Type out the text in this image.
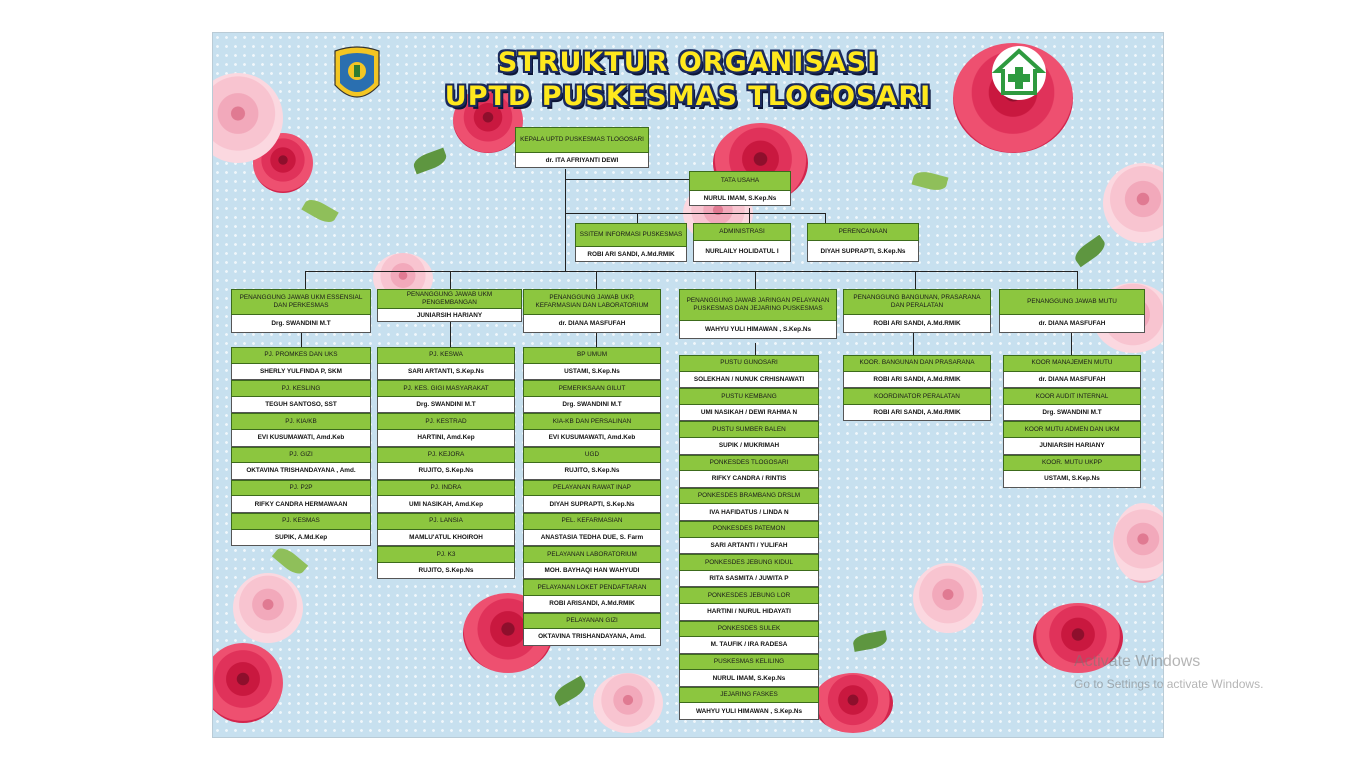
STRUKTUR ORGANISASI
UPTD PUSKESMAS TLOGOSARI
KEPALA UPTD PUSKESMAS TLOGOSARI
dr. ITA AFRIYANTI DEWI
TATA USAHA
NURUL IMAM, S.Kep.Ns
SSITEM INFORMASI PUSKESMAS
ROBI ARI SANDI, A.Md.RMIK
ADMINISTRASI
NURLAILY HOLIDATUL I
PERENCANAAN
DIYAH SUPRAPTI, S.Kep.Ns
PENANGGUNG JAWAB UKM ESSENSIAL DAN PERKESMAS
Drg. SWANDINI M.T
PENANGGUNG JAWAB UKM PENGEMBANGAN
JUNIARSIH HARIANY
PENANGGUNG JAWAB UKP, KEFARMASIAN DAN LABORATORIUM
dr. DIANA MASFUFAH
PENANGGUNG JAWAB JARINGAN PELAYANAN PUSKESMAS DAN JEJARING PUSKESMAS
WAHYU YULI HIMAWAN , S.Kep.Ns
PENANGGUNG BANGUNAN, PRASARANA DAN PERALATAN
ROBI ARI SANDI, A.Md.RMIK
PENANGGUNG JAWAB MUTU
dr. DIANA MASFUFAH
PJ. PROMKES DAN UKS
SHERLY YULFINDA P, SKM
PJ. KESLING
TEGUH SANTOSO, SST
PJ. KIA/KB
EVI KUSUMAWATI, Amd.Keb
PJ. GIZI
OKTAVINA TRISHANDAYANA , Amd.
PJ. P2P
RIFKY CANDRA HERMAWAAN
PJ. KESMAS
SUPIK, A.Md.Kep
PJ. KESWA
SARI ARTANTI, S.Kep.Ns
PJ. KES. GIGI MASYARAKAT
Drg. SWANDINI M.T
PJ. KESTRAD
HARTINI, Amd.Kep
PJ. KEJORA
RUJITO, S.Kep.Ns
PJ. INDRA
UMI NASIKAH, Amd.Kep
PJ. LANSIA
MAMLU'ATUL KHOIROH
PJ. K3
RUJITO, S.Kep.Ns
BP UMUM
USTAMI, S.Kep.Ns
PEMERIKSAAN GILUT
Drg. SWANDINI M.T
KIA-KB DAN PERSALINAN
EVI KUSUMAWATI, Amd.Keb
UGD
RUJITO, S.Kep.Ns
PELAYANAN RAWAT INAP
DIYAH SUPRAPTI, S.Kep.Ns
PEL. KEFARMASIAN
ANASTASIA TEDHA DUE, S. Farm
PELAYANAN LABORATORIUM
MOH. BAYHAQI HAN WAHYUDI
PELAYANAN LOKET PENDAFTARAN
ROBI ARISANDI, A.Md.RMIK
PELAYANAN GIZI
OKTAVINA TRISHANDAYANA, Amd.
PUSTU GUNOSARI
SOLEKHAN / NUNUK CRHISNAWATI
PUSTU KEMBANG
UMI NASIKAH / DEWI RAHMA N
PUSTU SUMBER BALEN
SUPIK / MUKRIMAH
PONKESDES TLOGOSARI
RIFKY CANDRA / RINTIS
PONKESDES BRAMBANG DRSLM
IVA HAFIDATUS / LINDA N
PONKESDES PATEMON
SARI ARTANTI / YULIFAH
PONKESDES JEBUNG KIDUL
RITA SASMITA / JUWITA P
PONKESDES JEBUNG LOR
HARTINI / NURUL HIDAYATI
PONKESDES SULEK
M. TAUFIK / IRA RADESA
PUSKESMAS KELILING
NURUL IMAM, S.Kep.Ns
JEJARING FASKES
WAHYU YULI HIMAWAN , S.Kep.Ns
KOOR. BANGUNAN DAN PRASARANA
ROBI ARI SANDI, A.Md.RMIK
KOORDINATOR PERALATAN
ROBI ARI SANDI, A.Md.RMIK
KOOR MANAJEMEN MUTU
dr. DIANA MASFUFAH
KOOR AUDIT INTERNAL
Drg. SWANDINI M.T
KOOR MUTU ADMEN DAN UKM
JUNIARSIH HARIANY
KOOR. MUTU UKPP
USTAMI, S.Kep.Ns
Activate Windows
Go to Settings to activate Windows.
